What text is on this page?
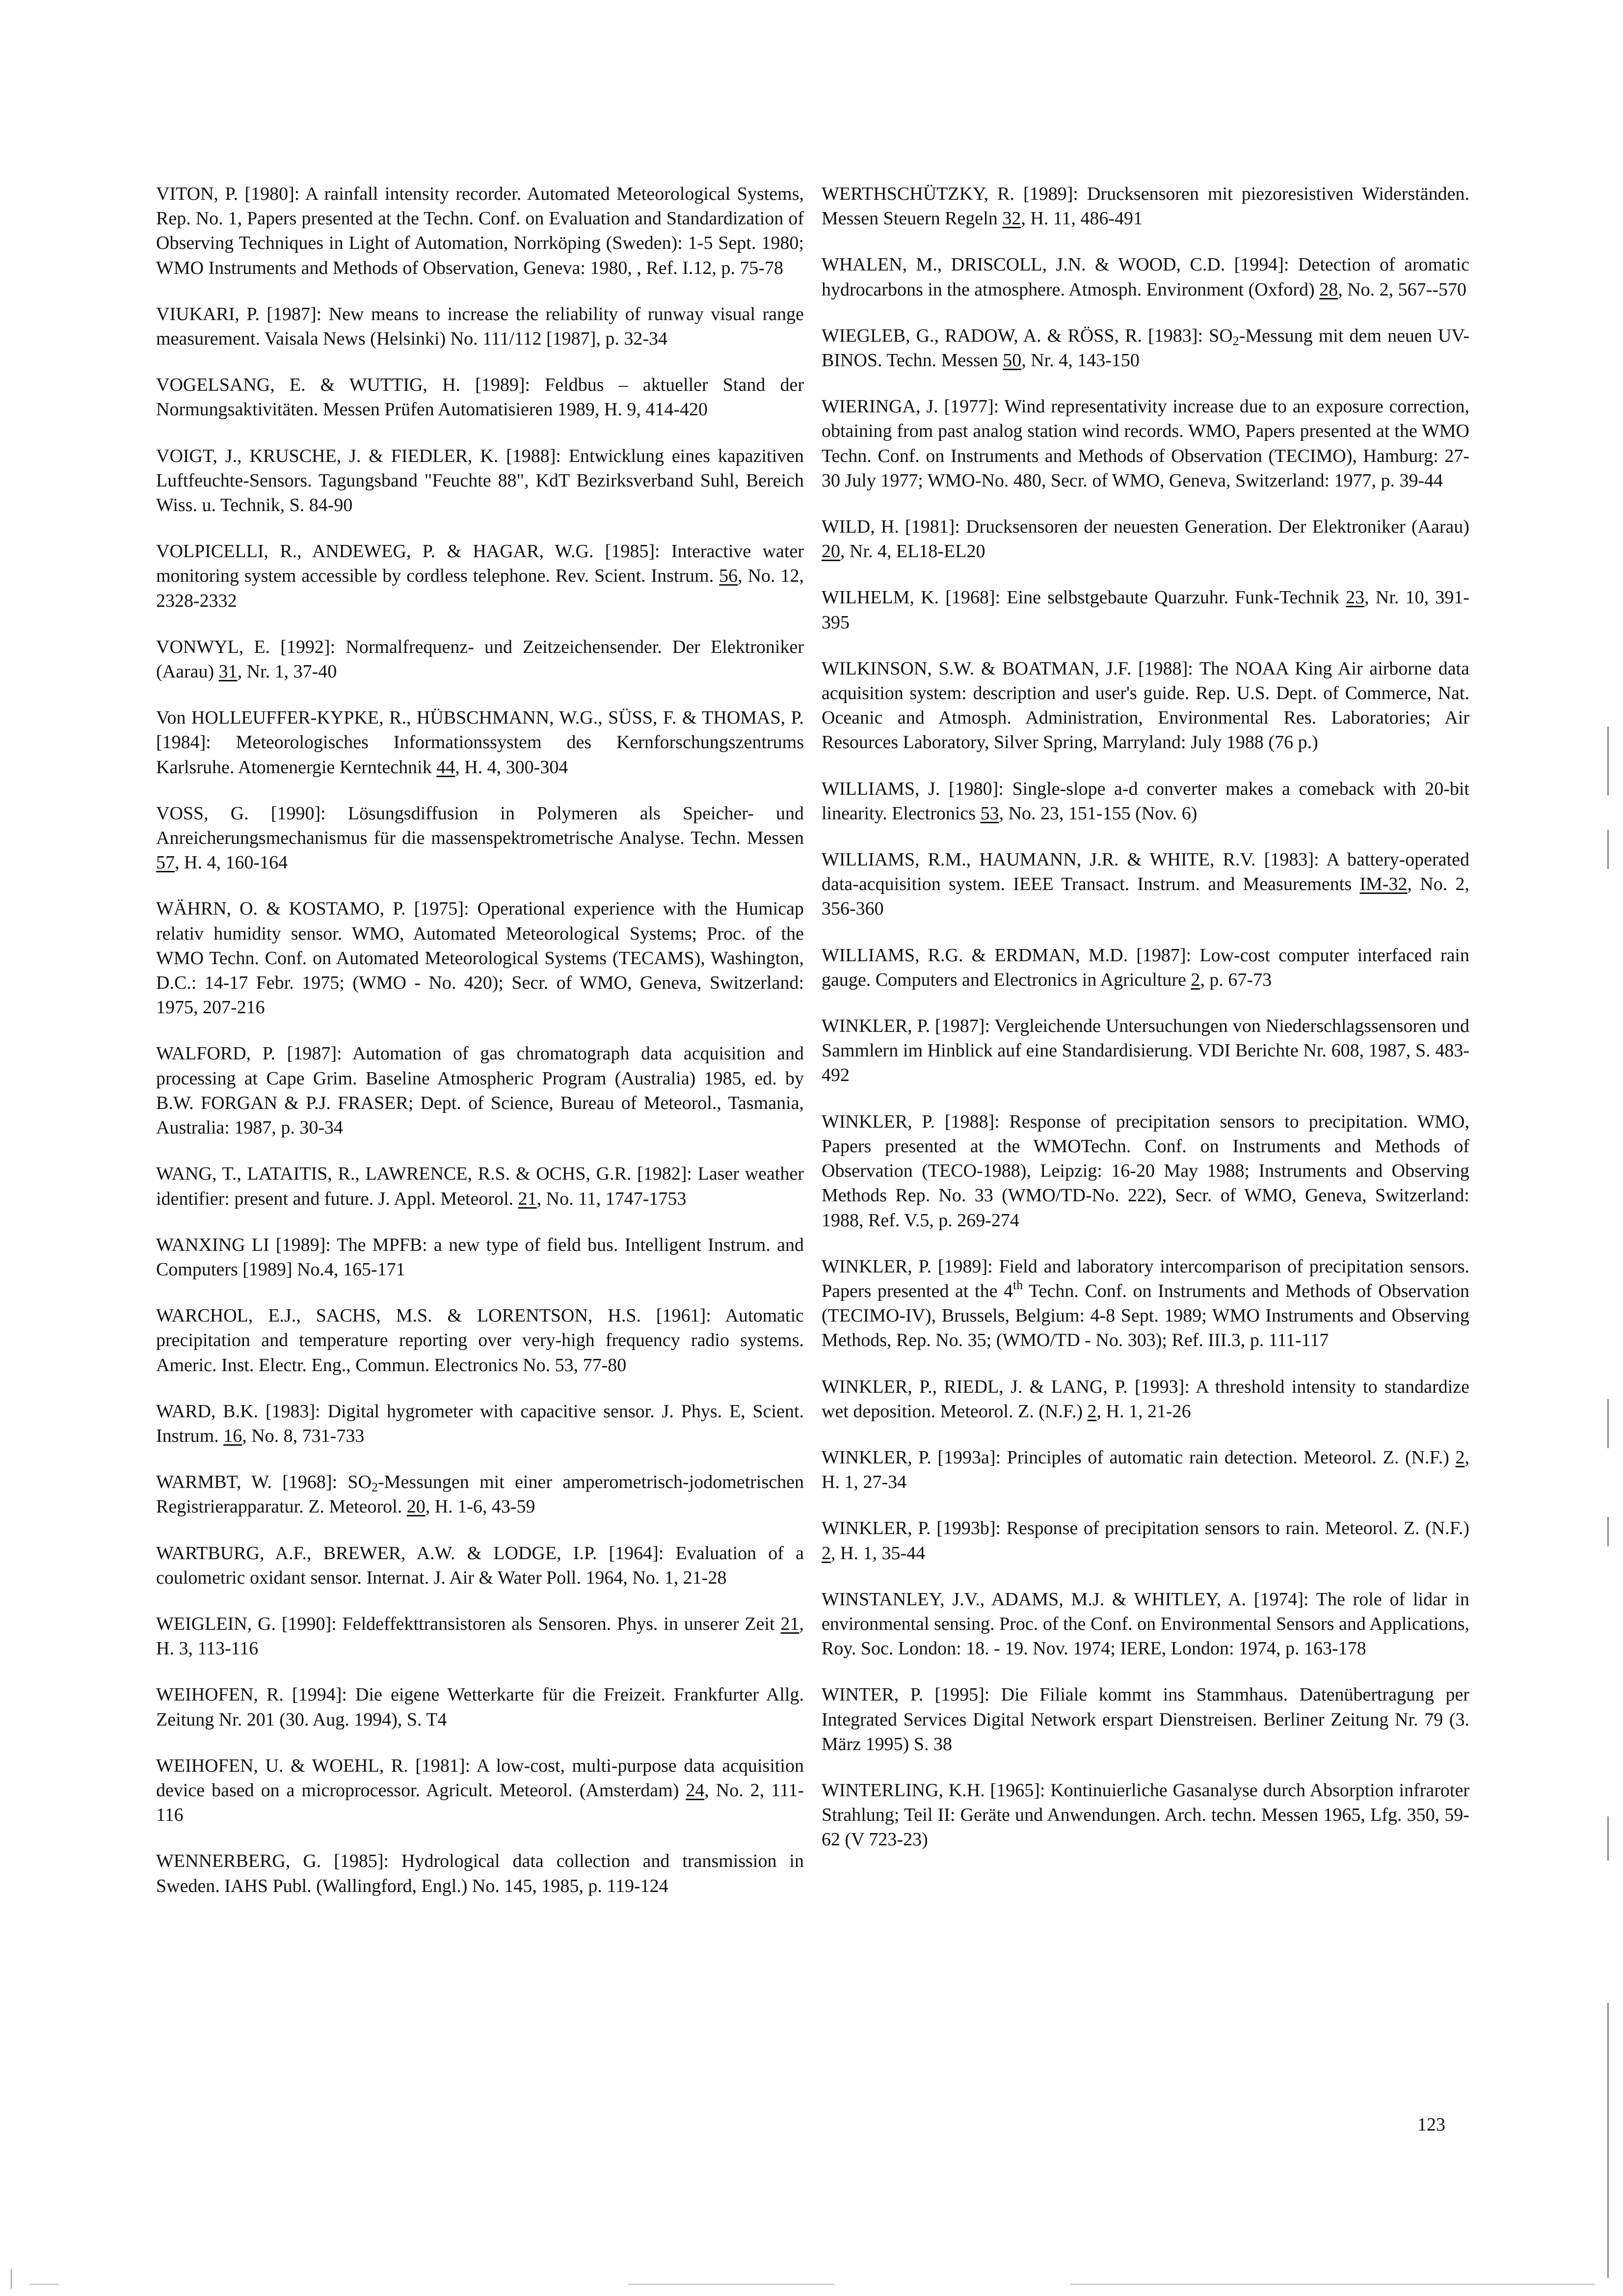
VITON, P. [1980]: A rainfall intensity recorder. Automated Meteorological Systems, Rep. No. 1, Papers presented at the Techn. Conf. on Evaluation and Standardization of Observing Techniques in Light of Automation, Norrköping (Sweden): 1-5 Sept. 1980; WMO Instruments and Methods of Observation, Geneva: 1980, , Ref. I.12, p. 75-78

VIUKARI, P. [1987]: New means to increase the reliability of runway visual range measurement. Vaisala News (Helsinki) No. 111/112 [1987], p. 32-34

VOGELSANG, E. & WUTTIG, H. [1989]: Feldbus – aktueller Stand der Normungsaktivitäten. Messen Prüfen Automatisieren 1989, H. 9, 414-420

VOIGT, J., KRUSCHE, J. & FIEDLER, K. [1988]: Entwicklung eines kapazitiven Luftfeuchte-Sensors. Tagungsband "Feuchte 88", KdT Bezirksverband Suhl, Bereich Wiss. u. Technik, S. 84-90

VOLPICELLI, R., ANDEWEG, P. & HAGAR, W.G. [1985]: Interactive water monitoring system accessible by cordless telephone. Rev. Scient. Instrum. 56, No. 12, 2328-2332

VONWYL, E. [1992]: Normalfrequenz- und Zeitzeichensender. Der Elektroniker (Aarau) 31, Nr. 1, 37-40

Von HOLLEUFFER-KYPKE, R., HÜBSCHMANN, W.G., SÜSS, F. & THOMAS, P. [1984]: Meteorologisches Informationssystem des Kernforschungszentrums Karlsruhe. Atomenergie Kerntechnik 44, H. 4, 300-304

VOSS, G. [1990]: Lösungsdiffusion in Polymeren als Speicher- und Anreicherungsmechanismus für die massenspektrometrische Analyse. Techn. Messen 57, H. 4, 160-164

WÄHRN, O. & KOSTAMO, P. [1975]: Operational experience with the Humicap relativ humidity sensor. WMO, Automated Meteorological Systems; Proc. of the WMO Techn. Conf. on Automated Meteorological Systems (TECAMS), Washington, D.C.: 14-17 Febr. 1975; (WMO - No. 420); Secr. of WMO, Geneva, Switzerland: 1975, 207-216

WALFORD, P. [1987]: Automation of gas chromatograph data acquisition and processing at Cape Grim. Baseline Atmospheric Program (Australia) 1985, ed. by B.W. FORGAN & P.J. FRASER; Dept. of Science, Bureau of Meteorol., Tasmania, Australia: 1987, p. 30-34

WANG, T., LATAITIS, R., LAWRENCE, R.S. & OCHS, G.R. [1982]: Laser weather identifier: present and future. J. Appl. Meteorol. 21, No. 11, 1747-1753

WANXING LI [1989]: The MPFB: a new type of field bus. Intelligent Instrum. and Computers [1989] No.4, 165-171

WARCHOL, E.J., SACHS, M.S. & LORENTSON, H.S. [1961]: Automatic precipitation and temperature reporting over very-high frequency radio systems. Americ. Inst. Electr. Eng., Commun. Electronics No. 53, 77-80

WARD, B.K. [1983]: Digital hygrometer with capacitive sensor. J. Phys. E, Scient. Instrum. 16, No. 8, 731-733

WARMBT, W. [1968]: $SO_2$-Messungen mit einer amperometrisch-jodometrischen Registrierapparatur. Z. Meteorol. 20, H. 1-6, 43-59

WARTBURG, A.F., BREWER, A.W. & LODGE, I.P. [1964]: Evaluation of a coulometric oxidant sensor. Internat. J. Air & Water Poll. 1964, No. 1, 21-28

WEIGLEIN, G. [1990]: Feldeffekttransistoren als Sensoren. Phys. in unserer Zeit 21, H. 3, 113-116

WEIHOFEN, R. [1994]: Die eigene Wetterkarte für die Freizeit. Frankfurter Allg. Zeitung Nr. 201 (30. Aug. 1994), S. T4

WEIHOFEN, U. & WOEHL, R. [1981]: A low-cost, multi-purpose data acquisition device based on a microprocessor. Agricult. Meteorol. (Amsterdam) 24, No. 2, 111-116

WENNERBERG, G. [1985]: Hydrological data collection and transmission in Sweden. IAHS Publ. (Wallingford, Engl.) No. 145, 1985, p. 119-124

WERTHSCHÜTZKY, R. [1989]: Drucksensoren mit piezoresistiven Widerständen. Messen Steuern Regeln 32, H. 11, 486-491

WHALEN, M., DRISCOLL, J.N. & WOOD, C.D. [1994]: Detection of aromatic hydrocarbons in the atmosphere. Atmosph. Environment (Oxford) 28, No. 2, 567--570

WIEGLEB, G., RADOW, A. & RÖSS, R. [1983]: $SO_2$-Messung mit dem neuen UV-BINOS. Techn. Messen 50, Nr. 4, 143-150

WIERINGA, J. [1977]: Wind representativity increase due to an exposure correction, obtaining from past analog station wind records. WMO, Papers presented at the WMO Techn. Conf. on Instruments and Methods of Observation (TECIMO), Hamburg: 27-30 July 1977; WMO-No. 480, Secr. of WMO, Geneva, Switzerland: 1977, p. 39-44

WILD, H. [1981]: Drucksensoren der neuesten Generation. Der Elektroniker (Aarau) 20, Nr. 4, EL18-EL20

WILHELM, K. [1968]: Eine selbstgebaute Quarzuhr. Funk-Technik 23, Nr. 10, 391-395

WILKINSON, S.W. & BOATMAN, J.F. [1988]: The NOAA King Air airborne data acquisition system: description and user's guide. Rep. U.S. Dept. of Commerce, Nat. Oceanic and Atmosph. Administration, Environmental Res. Laboratories; Air Resources Laboratory, Silver Spring, Marryland: July 1988 (76 p.)

WILLIAMS, J. [1980]: Single-slope a-d converter makes a comeback with 20-bit linearity. Electronics 53, No. 23, 151-155 (Nov. 6)

WILLIAMS, R.M., HAUMANN, J.R. & WHITE, R.V. [1983]: A battery-operated data-acquisition system. IEEE Transact. Instrum. and Measurements IM-32, No. 2, 356-360

WILLIAMS, R.G. & ERDMAN, M.D. [1987]: Low-cost computer interfaced rain gauge. Computers and Electronics in Agriculture 2, p. 67-73

WINKLER, P. [1987]: Vergleichende Untersuchungen von Niederschlagssensoren und Sammlern im Hinblick auf eine Standardisierung. VDI Berichte Nr. 608, 1987, S. 483-492

WINKLER, P. [1988]: Response of precipitation sensors to precipitation. WMO, Papers presented at the WMOTechn. Conf. on Instruments and Methods of Observation (TECO-1988), Leipzig: 16-20 May 1988; Instruments and Observing Methods Rep. No. 33 (WMO/TD-No. 222), Secr. of WMO, Geneva, Switzerland: 1988, Ref. V.5, p. 269-274

WINKLER, P. [1989]: Field and laboratory intercomparison of precipitation sensors. Papers presented at the 4th Techn. Conf. on Instruments and Methods of Observation (TECIMO-IV), Brussels, Belgium: 4-8 Sept. 1989; WMO Instruments and Observing Methods, Rep. No. 35; (WMO/TD - No. 303); Ref. III.3, p. 111-117

WINKLER, P., RIEDL, J. & LANG, P. [1993]: A threshold intensity to standardize wet deposition. Meteorol. Z. (N.F.) 2, H. 1, 21-26

WINKLER, P. [1993a]: Principles of automatic rain detection. Meteorol. Z. (N.F.) 2, H. 1, 27-34

WINKLER, P. [1993b]: Response of precipitation sensors to rain. Meteorol. Z. (N.F.) 2, H. 1, 35-44

WINSTANLEY, J.V., ADAMS, M.J. & WHITLEY, A. [1974]: The role of lidar in environmental sensing. Proc. of the Conf. on Environmental Sensors and Applications, Roy. Soc. London: 18. - 19. Nov. 1974; IERE, London: 1974, p. 163-178

WINTER, P. [1995]: Die Filiale kommt ins Stammhaus. Datenübertragung per Integrated Services Digital Network erspart Dienstreisen. Berliner Zeitung Nr. 79 (3. März 1995) S. 38

WINTERLING, K.H. [1965]: Kontinuierliche Gasanalyse durch Absorption infraroter Strahlung; Teil II: Geräte und Anwendungen. Arch. techn. Messen 1965, Lfg. 350, 59-62 (V 723-23)

123
